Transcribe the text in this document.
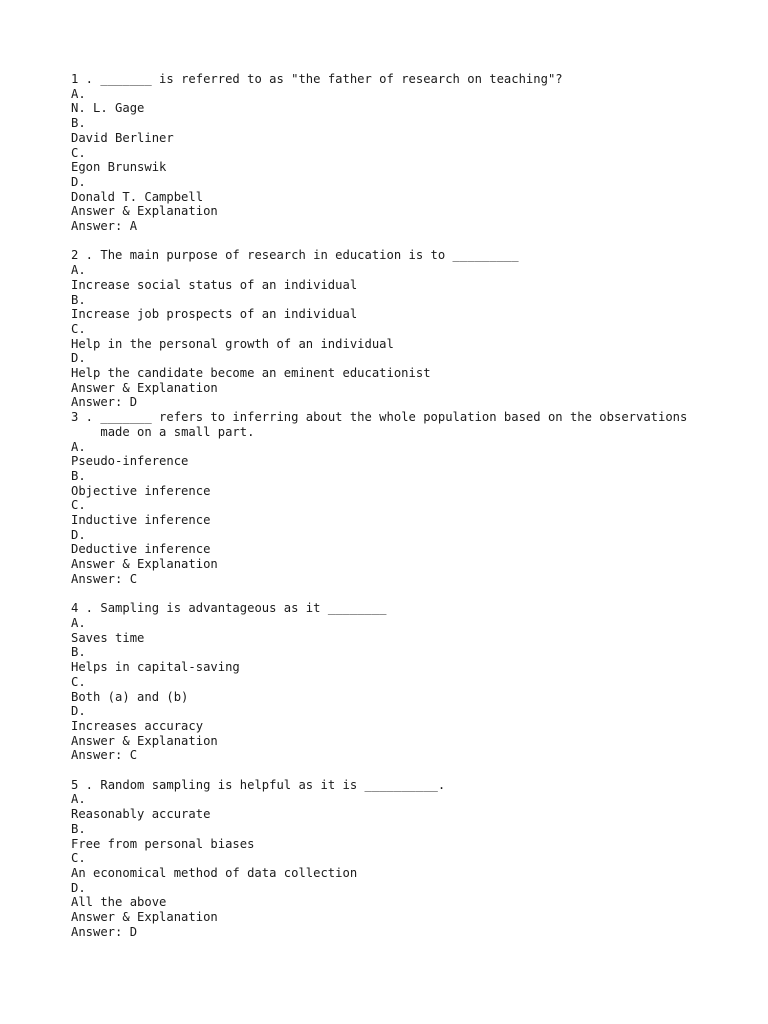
1 . _______ is referred to as "the father of research on teaching"?
A.
N. L. Gage
B.
David Berliner
C.
Egon Brunswik
D.
Donald T. Campbell
Answer & Explanation
Answer: A
2 . The main purpose of research in education is to _________
A.
Increase social status of an individual
B.
Increase job prospects of an individual
C.
Help in the personal growth of an individual
D.
Help the candidate become an eminent educationist
Answer & Explanation
Answer: D
3 . _______ refers to inferring about the whole population based on the observations made on a small part.
A.
Pseudo-inference
B.
Objective inference
C.
Inductive inference
D.
Deductive inference
Answer & Explanation
Answer: C
4 . Sampling is advantageous as it ________
A.
Saves time
B.
Helps in capital-saving
C.
Both (a) and (b)
D.
Increases accuracy
Answer & Explanation
Answer: C
5 . Random sampling is helpful as it is __________.
A.
Reasonably accurate
B.
Free from personal biases
C.
An economical method of data collection
D.
All the above
Answer & Explanation
Answer: D
